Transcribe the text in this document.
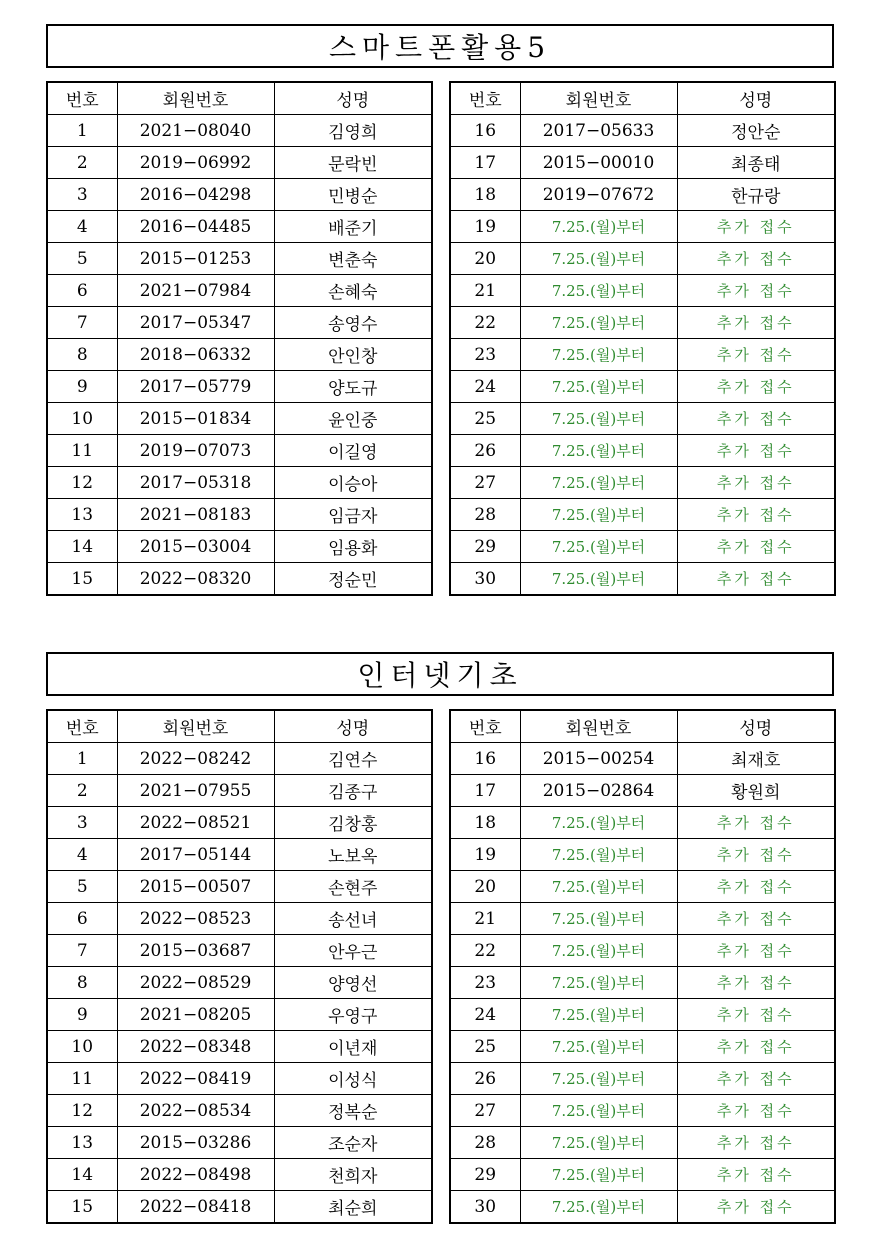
스마트폰활용5
번호	회원번호	성명
1	2021−08040	김영희
2	2019−06992	문락빈
3	2016−04298	민병순
4	2016−04485	배준기
5	2015−01253	변춘숙
6	2021−07984	손혜숙
7	2017−05347	송영수
8	2018−06332	안인창
9	2017−05779	양도규
10	2015−01834	윤인중
11	2019−07073	이길영
12	2017−05318	이승아
13	2021−08183	임금자
14	2015−03004	임용화
15	2022−08320	정순민
번호	회원번호	성명
16	2017−05633	정안순
17	2015−00010	최종태
18	2019−07672	한규랑
19	7.25.(월)부터	추가 접수
20	7.25.(월)부터	추가 접수
21	7.25.(월)부터	추가 접수
22	7.25.(월)부터	추가 접수
23	7.25.(월)부터	추가 접수
24	7.25.(월)부터	추가 접수
25	7.25.(월)부터	추가 접수
26	7.25.(월)부터	추가 접수
27	7.25.(월)부터	추가 접수
28	7.25.(월)부터	추가 접수
29	7.25.(월)부터	추가 접수
30	7.25.(월)부터	추가 접수
인터넷기초
번호	회원번호	성명
1	2022−08242	김연수
2	2021−07955	김종구
3	2022−08521	김창홍
4	2017−05144	노보옥
5	2015−00507	손현주
6	2022−08523	송선녀
7	2015−03687	안우근
8	2022−08529	양영선
9	2021−08205	우영구
10	2022−08348	이년재
11	2022−08419	이성식
12	2022−08534	정복순
13	2015−03286	조순자
14	2022−08498	천희자
15	2022−08418	최순희
번호	회원번호	성명
16	2015−00254	최재호
17	2015−02864	황원희
18	7.25.(월)부터	추가 접수
19	7.25.(월)부터	추가 접수
20	7.25.(월)부터	추가 접수
21	7.25.(월)부터	추가 접수
22	7.25.(월)부터	추가 접수
23	7.25.(월)부터	추가 접수
24	7.25.(월)부터	추가 접수
25	7.25.(월)부터	추가 접수
26	7.25.(월)부터	추가 접수
27	7.25.(월)부터	추가 접수
28	7.25.(월)부터	추가 접수
29	7.25.(월)부터	추가 접수
30	7.25.(월)부터	추가 접수
